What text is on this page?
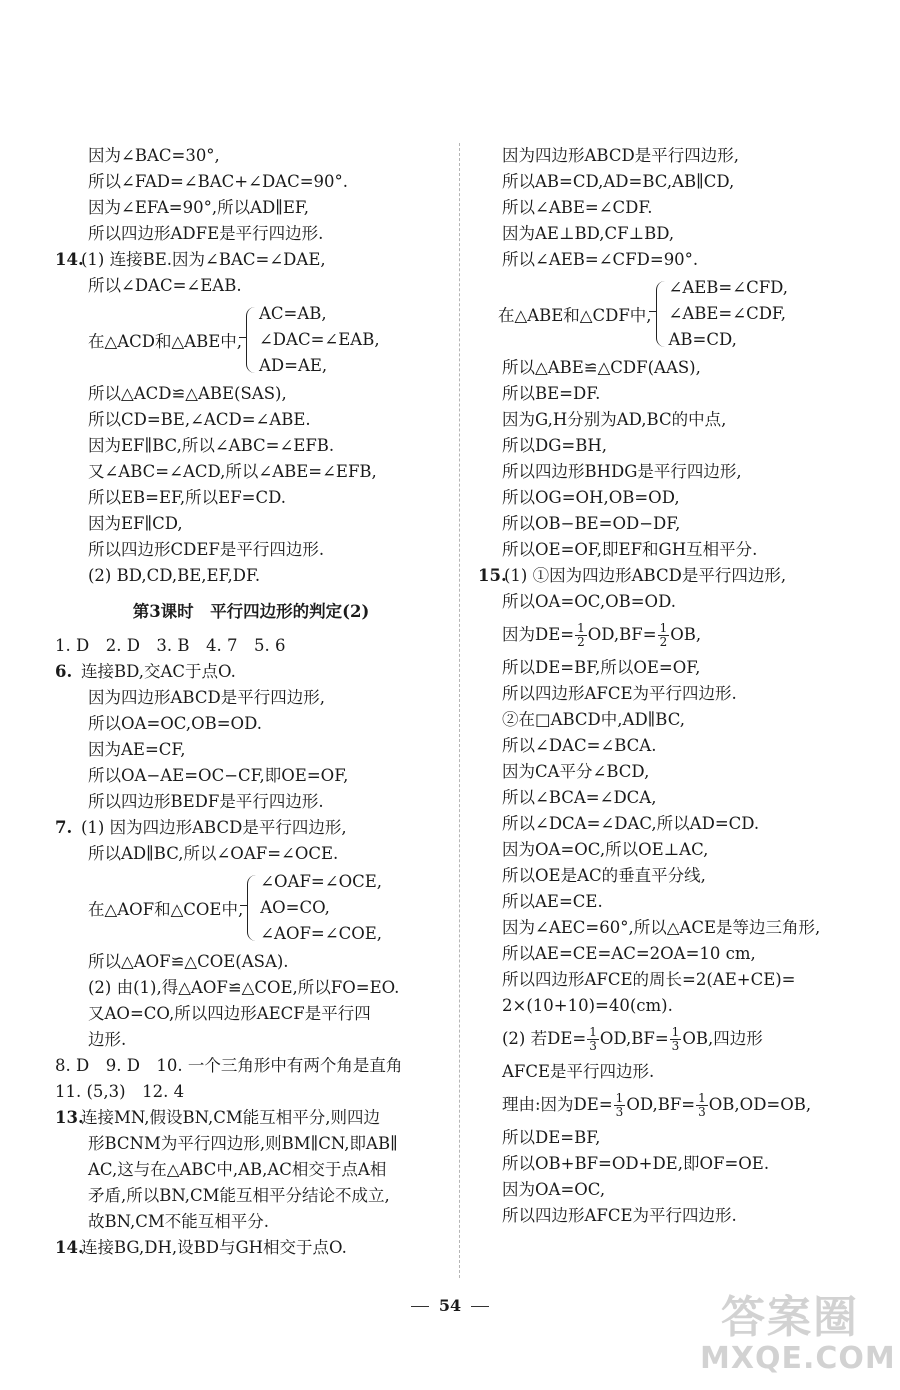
因为∠BAC=30°,
所以∠FAD=∠BAC+∠DAC=90°.
因为∠EFA=90°,所以AD∥EF,
所以四边形ADFE是平行四边形.
14.(1) 连接BE.因为∠BAC=∠DAE,
所以∠DAC=∠EAB.
在△ACD和△ABE中,
AC=AB,
∠DAC=∠EAB,
AD=AE,
所以△ACD≌△ABE(SAS),
所以CD=BE,∠ACD=∠ABE.
因为EF∥BC,所以∠ABC=∠EFB.
又∠ABC=∠ACD,所以∠ABE=∠EFB,
所以EB=EF,所以EF=CD.
因为EF∥CD,
所以四边形CDEF是平行四边形.
(2) BD,CD,BE,EF,DF.
第3课时　平行四边形的判定(2)
1. D　2. D　3. B　4. 7　5. 6
6. 连接BD,交AC于点O.
因为四边形ABCD是平行四边形,
所以OA=OC,OB=OD.
因为AE=CF,
所以OA−AE=OC−CF,即OE=OF,
所以四边形BEDF是平行四边形.
7. (1) 因为四边形ABCD是平行四边形,
所以AD∥BC,所以∠OAF=∠OCE.
在△AOF和△COE中,
∠OAF=∠OCE,
AO=CO,
∠AOF=∠COE,
所以△AOF≌△COE(ASA).
(2) 由(1),得△AOF≌△COE,所以FO=EO.
又AO=CO,所以四边形AECF是平行四
边形.
8. D　9. D　10. 一个三角形中有两个角是直角
11. (5,3)　12. 4
13.连接MN,假设BN,CM能互相平分,则四边
形BCNM为平行四边形,则BM∥CN,即AB∥
AC,这与在△ABC中,AB,AC相交于点A相
矛盾,所以BN,CM能互相平分结论不成立,
故BN,CM不能互相平分.
14.连接BG,DH,设BD与GH相交于点O.
因为四边形ABCD是平行四边形,
所以AB=CD,AD=BC,AB∥CD,
所以∠ABE=∠CDF.
因为AE⊥BD,CF⊥BD,
所以∠AEB=∠CFD=90°.
在△ABE和△CDF中,
∠AEB=∠CFD,
∠ABE=∠CDF,
AB=CD,
所以△ABE≌△CDF(AAS),
所以BE=DF.
因为G,H分别为AD,BC的中点,
所以DG=BH,
所以四边形BHDG是平行四边形,
所以OG=OH,OB=OD,
所以OB−BE=OD−DF,
所以OE=OF,即EF和GH互相平分.
15.(1) ①因为四边形ABCD是平行四边形,
所以OA=OC,OB=OD.
因为$DE= \frac{1}{2} OD,BF= \frac{1}{2}$ OB,
所以DE=BF,所以OE=OF,
所以四边形AFCE为平行四边形.
②在□ABCD中,AD∥BC,
所以∠DAC=∠BCA.
因为CA平分∠BCD,
所以∠BCA=∠DCA,
所以∠DCA=∠DAC,所以AD=CD.
因为OA=OC,所以OE⊥AC,
所以OE是AC的垂直平分线,
所以AE=CE.
因为∠AEC=60°,所以△ACE是等边三角形,
所以AE=CE=AC=2OA=10 cm,
所以四边形AFCE的周长=2(AE+CE)=
2×(10+10)=40(cm).
(2) 若$DE= \frac{1}{3} OD,BF= \frac{1}{3}$ OB,四边形
AFCE是平行四边形.
理由:因为$DE= \frac{1}{3} OD,BF= \frac{1}{3} OB,OD=OB$,
所以DE=BF,
所以OB+BF=OD+DE,即OF=OE.
因为OA=OC,
所以四边形AFCE为平行四边形.
54	答案圈
MXQE.COM
